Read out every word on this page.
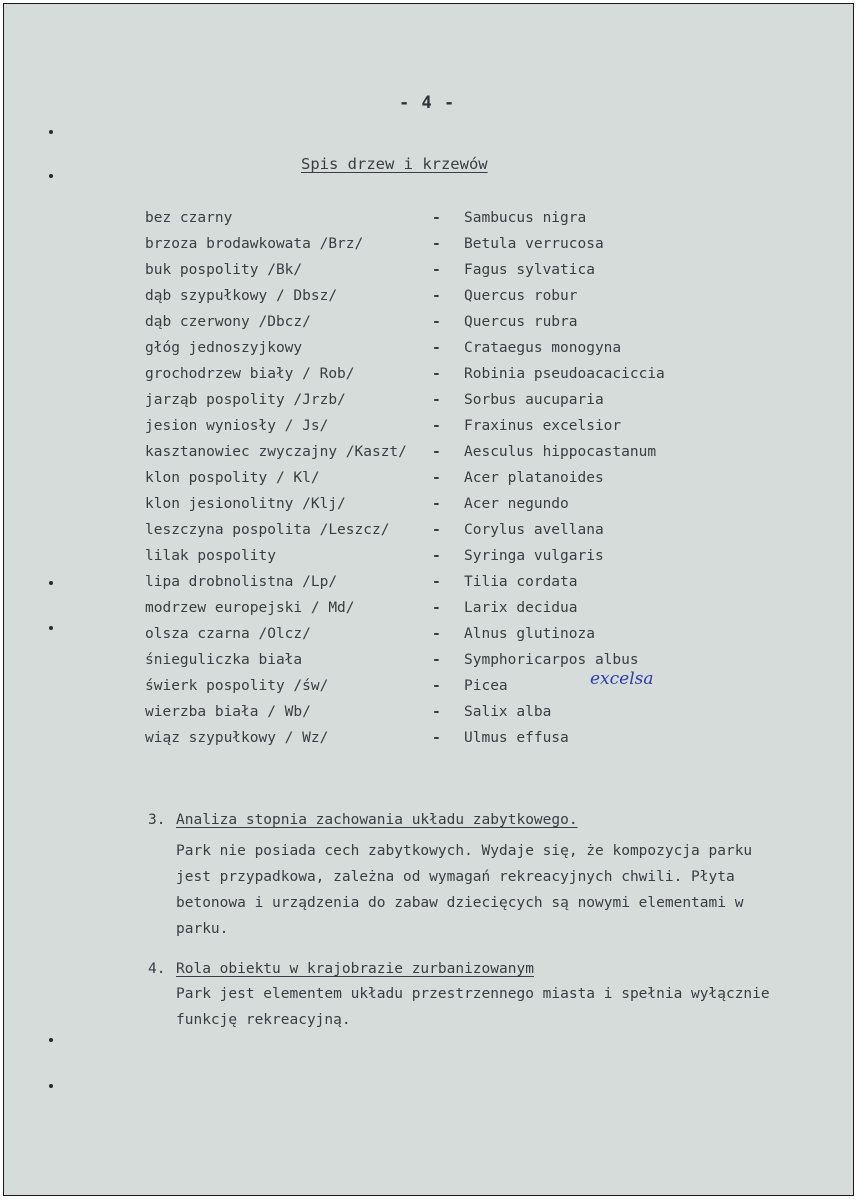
- 4 -
Spis drzew i krzewów
bez czarny	- Sambucus nigra
brzoza brodawkowata /Brz/	- Betula verrucosa
buk pospolity /Bk/	- Fagus sylvatica
dąb szypułkowy / Dbsz/	- Quercus robur
dąb czerwony /Dbcz/	- Quercus rubra
głóg jednoszyjkowy	- Crataegus monogyna
grochodrzew biały / Rob/	- Robinia pseudoacaciccia
jarząb pospolity /Jrzb/	- Sorbus aucuparia
jesion wyniosły / Js/	- Fraxinus excelsior
kasztanowiec zwyczajny /Kaszt/ - Aesculus hippocastanum
klon pospolity / Kl/	- Acer platanoides
klon jesionolitny /Klj/	- Acer negundo
leszczyna pospolita /Leszcz/	- Corylus avellana
lilak pospolity	- Syringa vulgaris
lipa drobnolistna /Lp/	- Tilia cordata
modrzew europejski / Md/	- Larix decidua
olsza czarna /Olcz/	- Alnus glutinoza
śnieguliczka biała	- Symphoricarpos albus
świerk pospolity /św/	- Picea
wierzba biała / Wb/	- Salix alba
wiąz szypułkowy / Wz/	- Ulmus effusa
excelsa
3. Analiza stopnia zachowania układu zabytkowego.
Park nie posiada cech zabytkowych. Wydaje się, że kompozycja parku jest przypadkowa, zależna od wymagań rekreacyjnych chwili. Płyta betonowa i urządzenia do zabaw dziecięcych są nowymi elementami w parku.
4. Rola obiektu w krajobrazie zurbanizowanym
Park jest elementem układu przestrzennego miasta i spełnia wyłącznie funkcję rekreacyjną.
